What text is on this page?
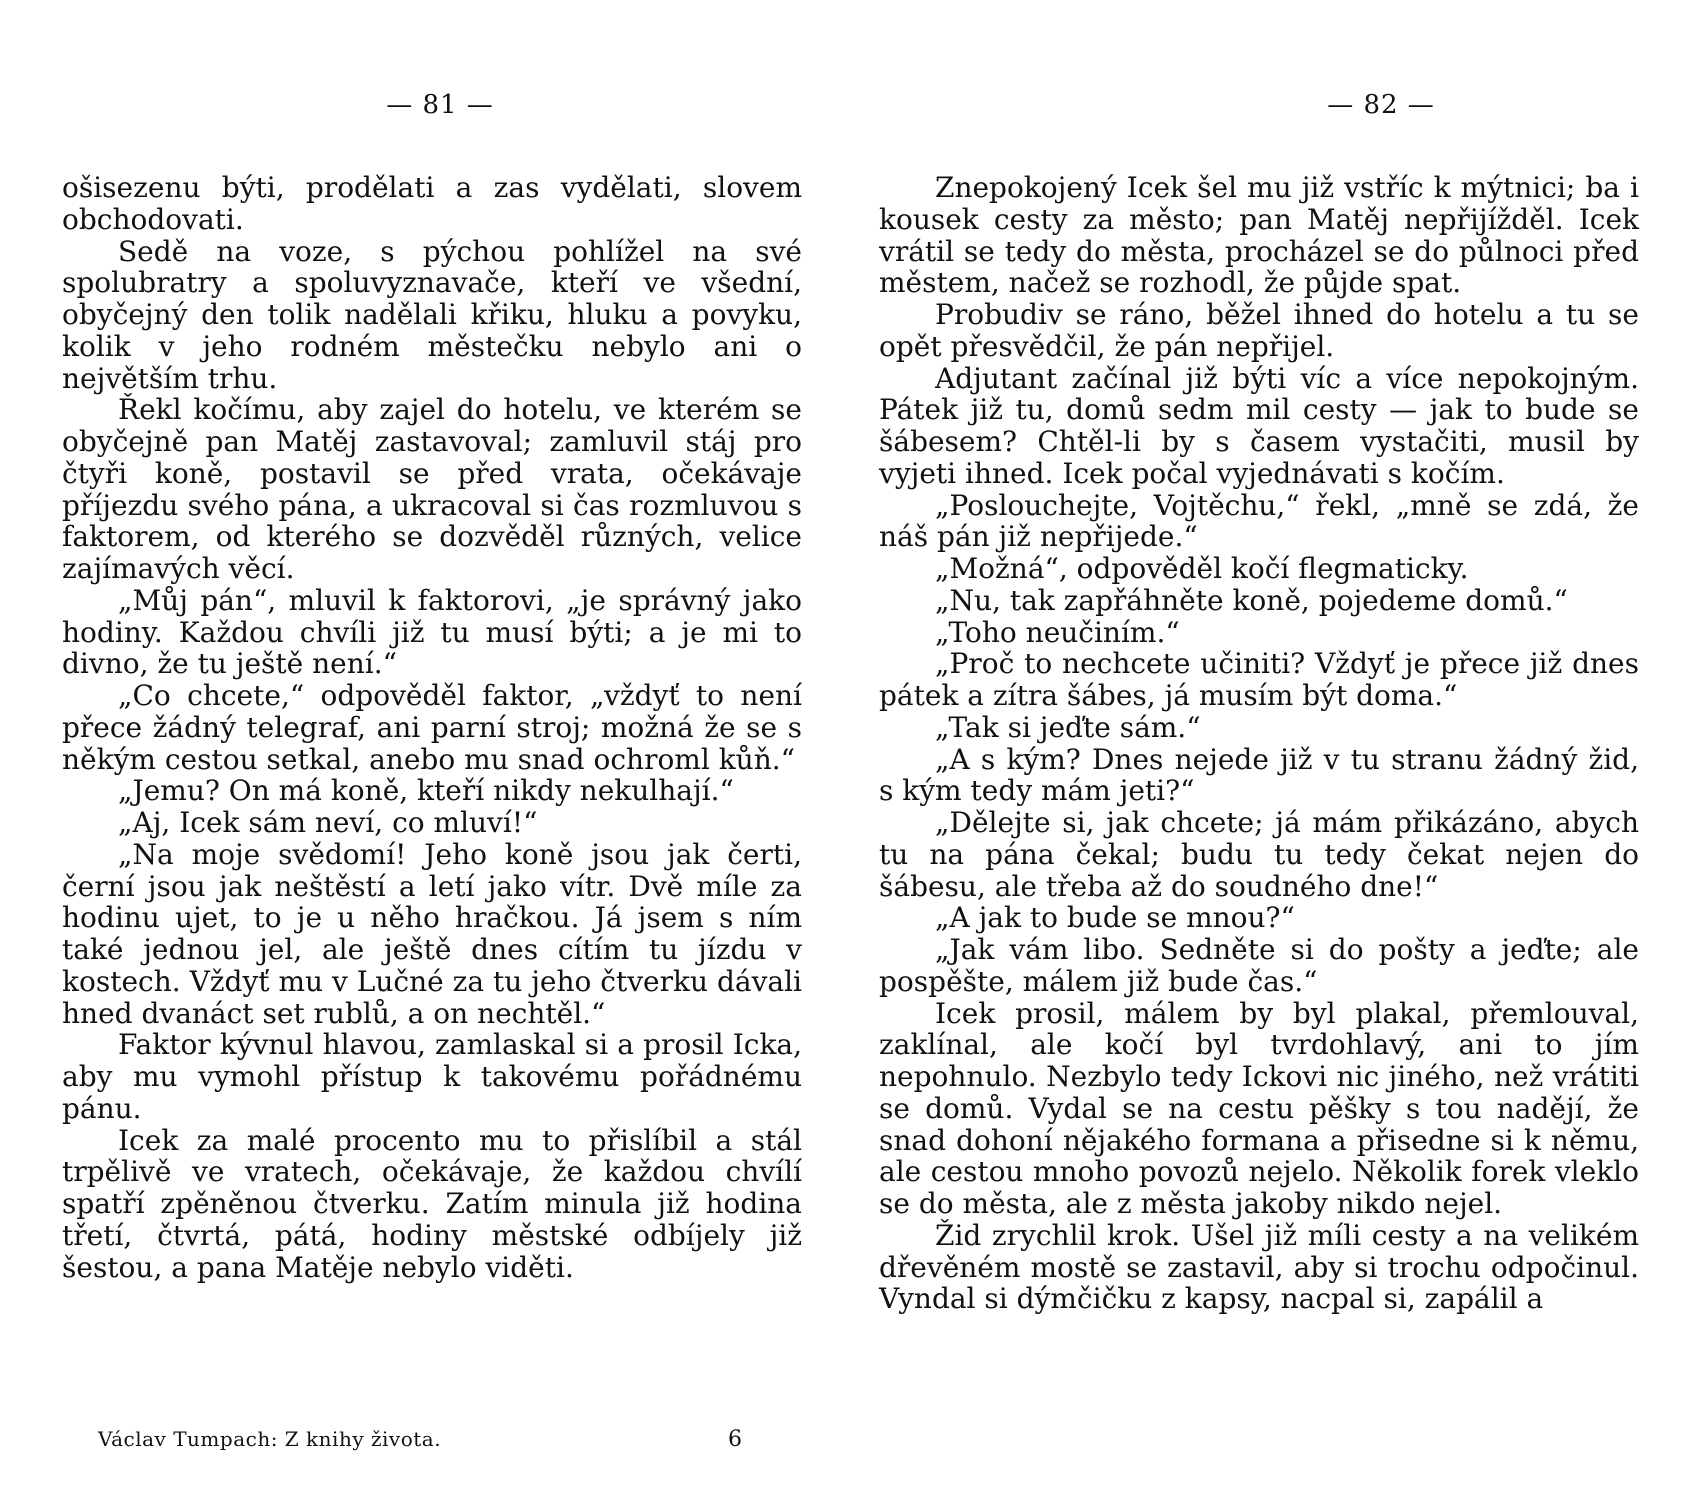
— 81 —

ošisezenu býti, prodělati a zas vydělati, slovem obchodovati.

Sedě na voze, s pýchou pohlížel na své spolubratry a spoluvyznavače, kteří ve všední, obyčejný den tolik nadělali křiku, hluku a povyku, kolik v jeho rodném městečku nebylo ani o největším trhu.

Řekl kočímu, aby zajel do hotelu, ve kterém se obyčejně pan Matěj zastavoval; zamluvil stáj pro čtyři koně, postavil se před vrata, očekávaje příjezdu svého pána, a ukracoval si čas rozmluvou s faktorem, od kterého se dozvěděl různých, velice zajímavých věcí.

„Můj pán“, mluvil k faktorovi, „je správný jako hodiny. Každou chvíli již tu musí býti; a je mi to divno, že tu ještě není.“

„Co chcete,“ odpověděl faktor, „vždyť to není přece žádný telegraf, ani parní stroj; možná že se s někým cestou setkal, anebo mu snad ochroml kůň.“

„Jemu? On má koně, kteří nikdy nekulhají.“

„Aj, Icek sám neví, co mluví!“

„Na moje svědomí! Jeho koně jsou jak čerti, černí jsou jak neštěstí a letí jako vítr. Dvě míle za hodinu ujet, to je u něho hračkou. Já jsem s ním také jednou jel, ale ještě dnes cítím tu jízdu v kostech. Vždyť mu v Lučné za tu jeho čtverku dávali hned dvanáct set rublů, a on nechtěl.“

Faktor kývnul hlavou, zamlaskal si a prosil Icka, aby mu vymohl přístup k takovému pořádnému pánu.

Icek za malé procento mu to přislíbil a stál trpělivě ve vratech, očekávaje, že každou chvílí spatří zpěněnou čtverku. Zatím minula již hodina třetí, čtvrtá, pátá, hodiny městské odbíjely již šestou, a pana Matěje nebylo viděti.

Václav Tumpach: Z knihy života.	6
— 82 —

Znepokojený Icek šel mu již vstříc k mýtnici; ba i kousek cesty za město; pan Matěj nepřijížděl. Icek vrátil se tedy do města, procházel se do půlnoci před městem, načež se rozhodl, že půjde spat.

Probudiv se ráno, běžel ihned do hotelu a tu se opět přesvědčil, že pán nepřijel.

Adjutant začínal již býti víc a více nepokojným. Pátek již tu, domů sedm mil cesty — jak to bude se šábesem? Chtěl-li by s časem vystačiti, musil by vyjeti ihned. Icek počal vyjednávati s kočím.

„Poslouchejte, Vojtěchu,“ řekl, „mně se zdá, že náš pán již nepřijede.“

„Možná“, odpověděl kočí flegmaticky.

„Nu, tak zapřáhněte koně, pojedeme domů.“

„Toho neučiním.“

„Proč to nechcete učiniti? Vždyť je přece již dnes pátek a zítra šábes, já musím být doma.“

„Tak si jeďte sám.“

„A s kým? Dnes nejede již v tu stranu žádný žid, s kým tedy mám jeti?“

„Dělejte si, jak chcete; já mám přikázáno, abych tu na pána čekal; budu tu tedy čekat nejen do šábesu, ale třeba až do soudného dne!“

„A jak to bude se mnou?“

„Jak vám libo. Sedněte si do pošty a jeďte; ale pospěšte, málem již bude čas.“

Icek prosil, málem by byl plakal, přemlouval, zaklínal, ale kočí byl tvrdohlavý, ani to jím nepohnulo. Nezbylo tedy Ickovi nic jiného, než vrátiti se domů. Vydal se na cestu pěšky s tou nadějí, že snad dohoní nějakého formana a přisedne si k němu, ale cestou mnoho povozů nejelo. Několik forek vleklo se do města, ale z města jakoby nikdo nejel.

Žid zrychlil krok. Ušel již míli cesty a na velikém dřevěném mostě se zastavil, aby si trochu odpočinul. Vyndal si dýmčičku z kapsy, nacpal si, zapálil a
